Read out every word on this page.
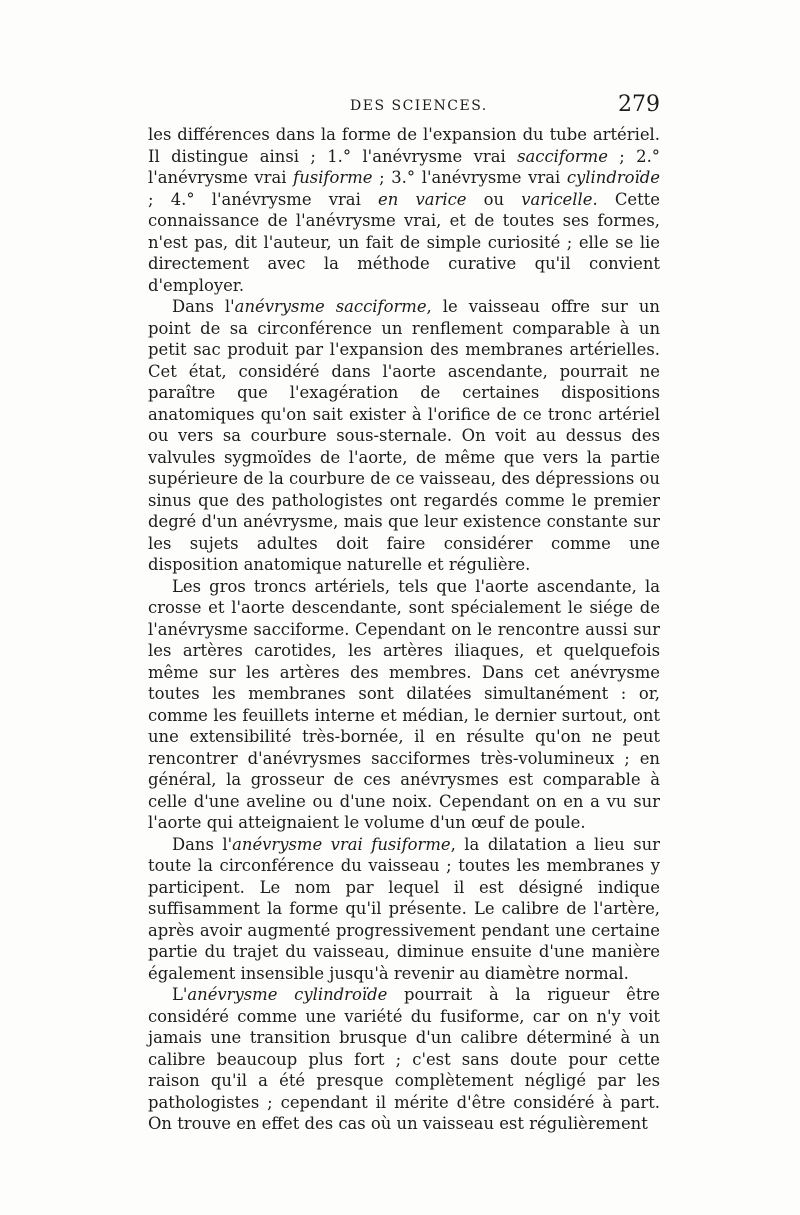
DES SCIENCES.	279

les différences dans la forme de l'expansion du tube artériel. Il distingue ainsi ; 1.° l'anévrysme vrai sacciforme ; 2.° l'anévrysme vrai fusiforme ; 3.° l'anévrysme vrai cylindroïde ; 4.° l'anévrysme vrai en varice ou varicelle. Cette connaissance de l'anévrysme vrai, et de toutes ses formes, n'est pas, dit l'auteur, un fait de simple curiosité ; elle se lie directement avec la méthode curative qu'il convient d'employer.

Dans l'anévrysme sacciforme, le vaisseau offre sur un point de sa circonférence un renflement comparable à un petit sac produit par l'expansion des membranes artérielles. Cet état, considéré dans l'aorte ascendante, pourrait ne paraître que l'exagération de certaines dispositions anatomiques qu'on sait exister à l'orifice de ce tronc artériel ou vers sa courbure sous-sternale. On voit au dessus des valvules sygmoïdes de l'aorte, de même que vers la partie supérieure de la courbure de ce vaisseau, des dépressions ou sinus que des pathologistes ont regardés comme le premier degré d'un anévrysme, mais que leur existence constante sur les sujets adultes doit faire considérer comme une disposition anatomique naturelle et régulière.

Les gros troncs artériels, tels que l'aorte ascendante, la crosse et l'aorte descendante, sont spécialement le siége de l'anévrysme sacciforme. Cependant on le rencontre aussi sur les artères carotides, les artères iliaques, et quelquefois même sur les artères des membres. Dans cet anévrysme toutes les membranes sont dilatées simultanément : or, comme les feuillets interne et médian, le dernier surtout, ont une extensibilité très-bornée, il en résulte qu'on ne peut rencontrer d'anévrysmes sacciformes très-volumineux ; en général, la grosseur de ces anévrysmes est comparable à celle d'une aveline ou d'une noix. Cependant on en a vu sur l'aorte qui atteignaient le volume d'un œuf de poule.

Dans l'anévrysme vrai fusiforme, la dilatation a lieu sur toute la circonférence du vaisseau ; toutes les membranes y participent. Le nom par lequel il est désigné indique suffisamment la forme qu'il présente. Le calibre de l'artère, après avoir augmenté progressivement pendant une certaine partie du trajet du vaisseau, diminue ensuite d'une manière également insensible jusqu'à revenir au diamètre normal.

L'anévrysme cylindroïde pourrait à la rigueur être considéré comme une variété du fusiforme, car on n'y voit jamais une transition brusque d'un calibre déterminé à un calibre beaucoup plus fort ; c'est sans doute pour cette raison qu'il a été presque complètement négligé par les pathologistes ; cependant il mérite d'être considéré à part. On trouve en effet des cas où un vaisseau est régulièrement
